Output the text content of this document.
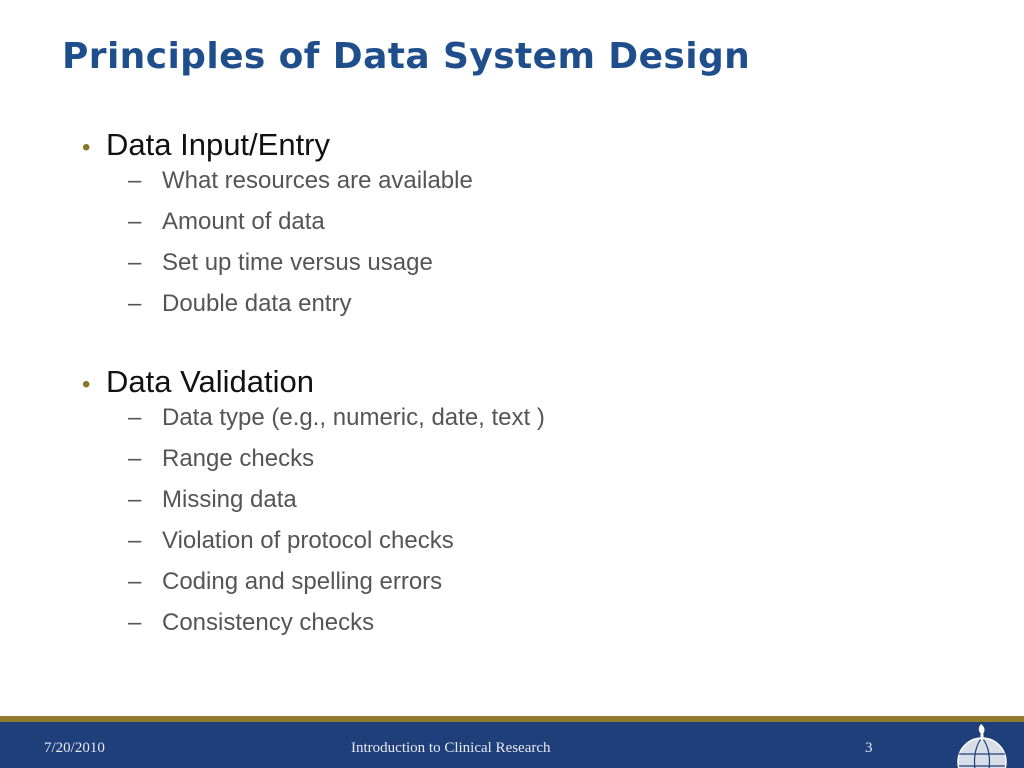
Principles of Data System Design
• Data Input/Entry
– What resources are available
– Amount of data
– Set up time versus usage
– Double data entry
• Data Validation
– Data type (e.g., numeric, date, text )
– Range checks
– Missing data
– Violation of protocol checks
– Coding and spelling errors
– Consistency checks
7/20/2010	Introduction to Clinical Research	3
